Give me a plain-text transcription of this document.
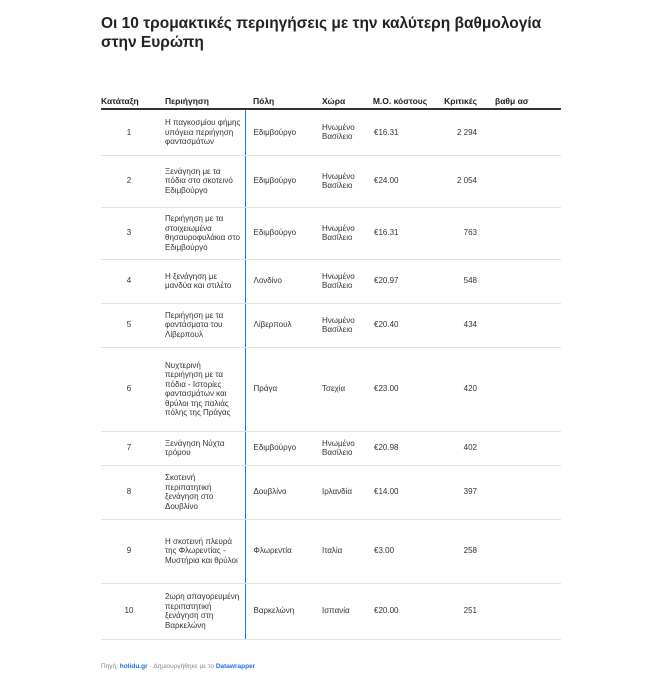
Οι 10 τρομακτικές περιηγήσεις με την καλύτερη βαθμολογία στην Ευρώπη
Κατάταξη	Περιήγηση	Πόλη	Χώρα	Μ.Ο. κόστους	Κριτικές	βαθμ ασ
1	Η παγκοσμίου φήμης υπόγεια περιήγηση φαντασμάτων	Εδιμβούργο	Ηνωμένο Βασίλειο	€16.31	2 294	
2	Ξενάγηση με τα πόδια στο σκοτεινό Εδιμβούργο	Εδιμβούργο	Ηνωμένο Βασίλειο	€24.00	2 054	
3	Περιήγηση με τα στοιχειωμένα θησαυροφυλάκια στο Εδιμβούργο	Εδιμβούργο	Ηνωμένο Βασίλειο	€16.31	763	
4	Η ξενάγηση με μανδύα και στιλέτο	Λονδίνο	Ηνωμένο Βασίλειο	€20.97	548	
5	Περιήγηση με τα φαντάσματα του Λίβερπουλ	Λίβερπουλ	Ηνωμένο Βασίλειο	€20.40	434	
6	Νυχτερινή περιήγηση με τα πόδια - Ιστορίες φαντασμάτων και θρύλοι της παλιάς πόλης της Πράγας	Πράγα	Τσεχία	€23.00	420	
7	Ξενάγηση Νύχτα τρόμου	Εδιμβούργο	Ηνωμένο Βασίλειο	€20.98	402	
8	Σκοτεινή περιπατητική ξενάγηση στο Δουβλίνο	Δουβλίνο	Ιρλανδία	€14.00	397	
9	Η σκοτεινή πλευρά της Φλωρεντίας - Μυστήρια και θρύλοι	Φλωρεντία	Ιταλία	€3.00	258	
10	2ωρη απαγορευμένη περιπατητική ξενάγηση στη Βαρκελώνη	Βαρκελώνη	Ισπανία	€20.00	251	
Πηγή: holidu.gr · Δημιουργήθηκε με το Datawrapper
